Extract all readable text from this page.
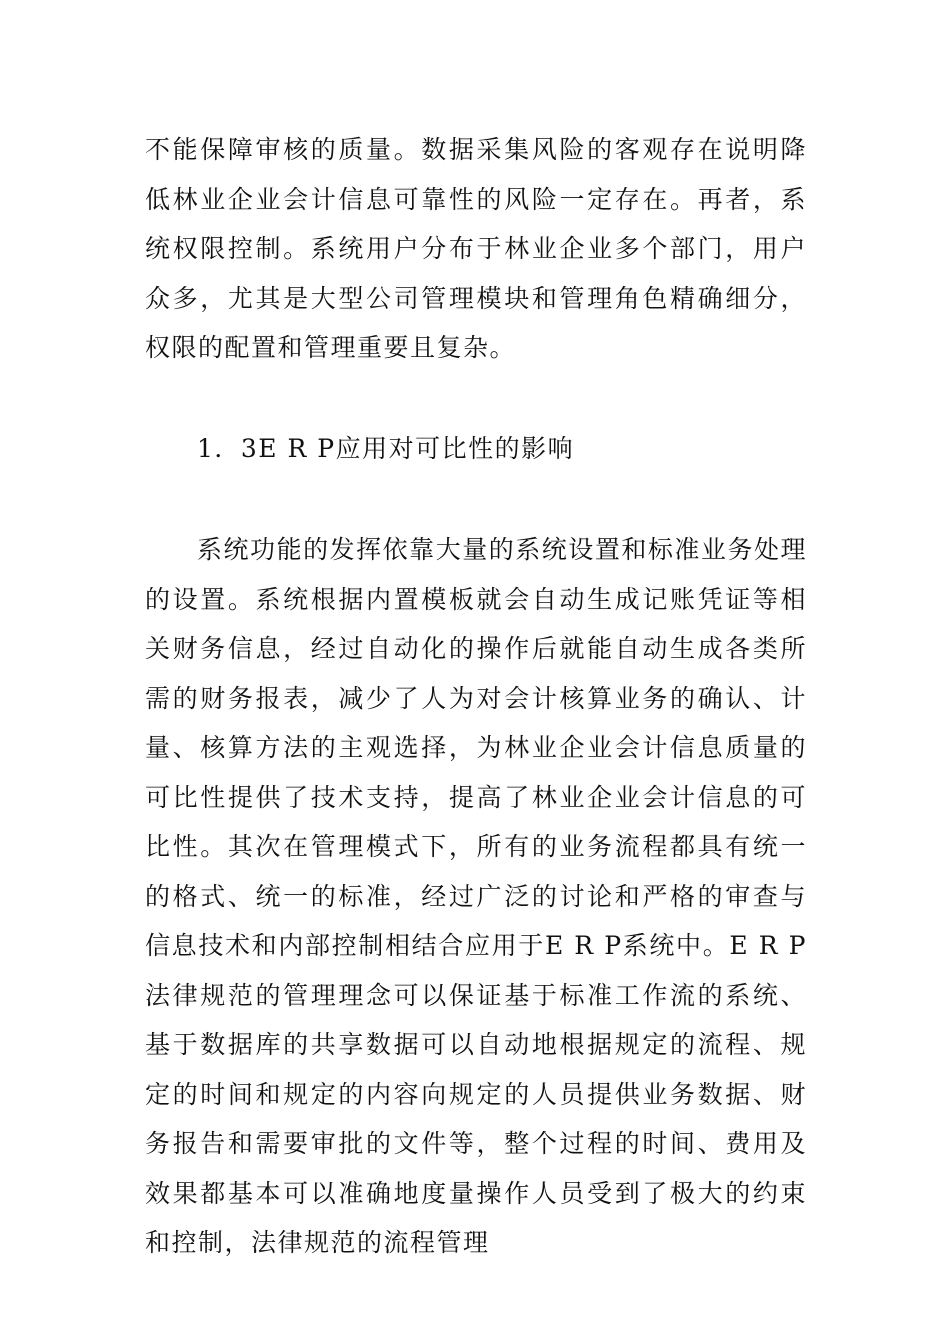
不能保障审核的质量。数据采集风险的客观存在说明降低林业企业会计信息可靠性的风险一定存在。再者，系统权限控制。系统用户分布于林业企业多个部门，用户众多，尤其是大型公司管理模块和管理角色精确细分，权限的配置和管理重要且复杂。

1．3E R P应用对可比性的影响

系统功能的发挥依靠大量的系统设置和标准业务处理的设置。系统根据内置模板就会自动生成记账凭证等相关财务信息，经过自动化的操作后就能自动生成各类所需的财务报表，减少了人为对会计核算业务的确认、计量、核算方法的主观选择，为林业企业会计信息质量的可比性提供了技术支持，提高了林业企业会计信息的可比性。其次在管理模式下，所有的业务流程都具有统一的格式、统一的标准，经过广泛的讨论和严格的审查与信息技术和内部控制相结合应用于E R P系统中。E R P法律规范的管理理念可以保证基于标准工作流的系统、基于数据库的共享数据可以自动地根据规定的流程、规定的时间和规定的内容向规定的人员提供业务数据、财务报告和需要审批的文件等，整个过程的时间、费用及效果都基本可以准确地度量操作人员受到了极大的约束和控制，法律规范的流程管理
